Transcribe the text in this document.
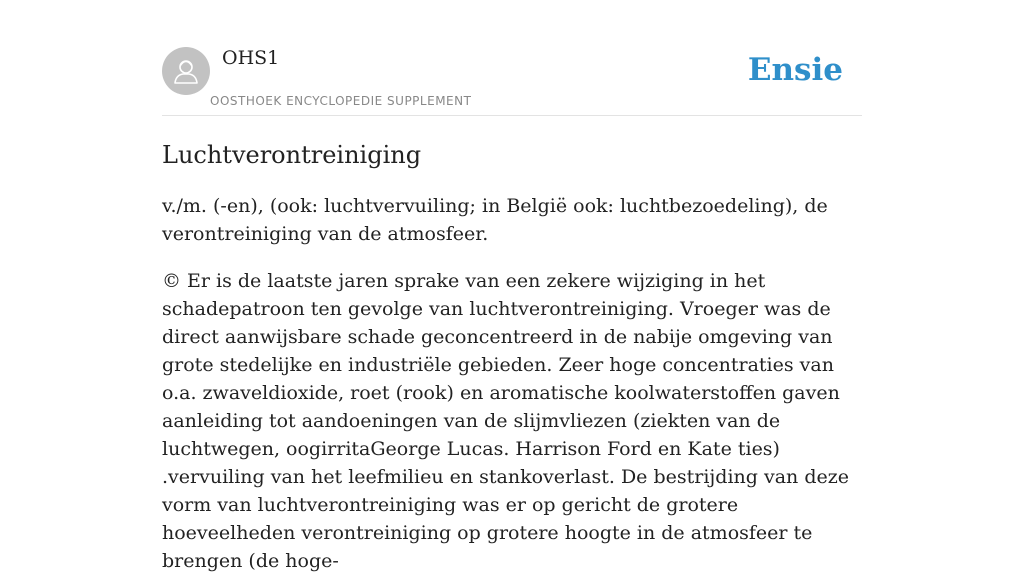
OHS1
OOSTHOEK ENCYCLOPEDIE SUPPLEMENT
Ensie
Luchtverontreiniging

v./m. (-en), (ook: luchtvervuiling; in België ook: luchtbezoedeling), de verontreiniging van de atmosfeer.

© Er is de laatste jaren sprake van een zekere wijziging in het schadepatroon ten gevolge van luchtverontreiniging. Vroeger was de direct aanwijsbare schade geconcentreerd in de nabije omgeving van grote stedelijke en industriële gebieden. Zeer hoge concentraties van o.a. zwaveldioxide, roet (rook) en aromatische koolwaterstoffen gaven aanleiding tot aandoeningen van de slijmvliezen (ziekten van de luchtwegen, oogirritaGeorge Lucas. Harrison Ford en Kate ties) .vervuiling van het leefmilieu en stankoverlast. De bestrijding van deze vorm van luchtverontreiniging was er op gericht de grotere hoeveelheden verontreiniging op grotere hoogte in de atmosfeer te brengen (de hoge-
